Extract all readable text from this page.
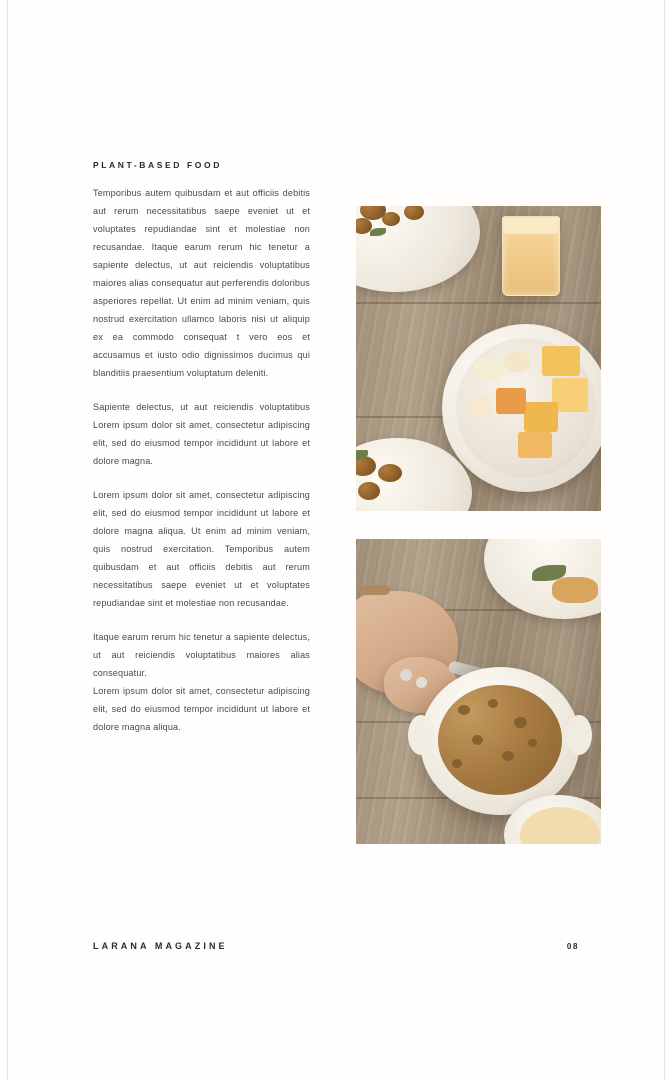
PLANT-BASED FOOD

Temporibus autem quibusdam et aut officiis debitis aut rerum necessitatibus saepe eveniet ut et voluptates repudiandae sint et molestiae non recusandae. Itaque earum rerum hic tenetur a sapiente delectus, ut aut reiciendis voluptatibus maiores alias consequatur aut perferendis doloribus asperiores repellat. Ut enim ad minim veniam, quis nostrud exercitation ullamco laboris nisi ut aliquip ex ea commodo consequat t vero eos et accusamus et iusto odio dignissimos ducimus qui blanditiis praesentium voluptatum deleniti.

Sapiente delectus, ut aut reiciendis voluptatibus Lorem ipsum dolor sit amet, consectetur adipiscing elit, sed do eiusmod tempor incididunt ut labore et dolore magna.

Lorem ipsum dolor sit amet, consectetur adipiscing elit, sed do eiusmod tempor incididunt ut labore et dolore magna aliqua. Ut enim ad minim veniam, quis nostrud exercitation. Temporibus autem quibusdam et aut officiis debitis aut rerum necessitatibus saepe eveniet ut et voluptates repudiandae sint et molestiae non recusandae.

Itaque earum rerum hic tenetur a sapiente delectus, ut aut reiciendis voluptatibus maiores alias consequatur.

Lorem ipsum dolor sit amet, consectetur adipiscing elit, sed do eiusmod tempor incididunt ut labore et dolore magna aliqua.

LARANA MAGAZINE	08
